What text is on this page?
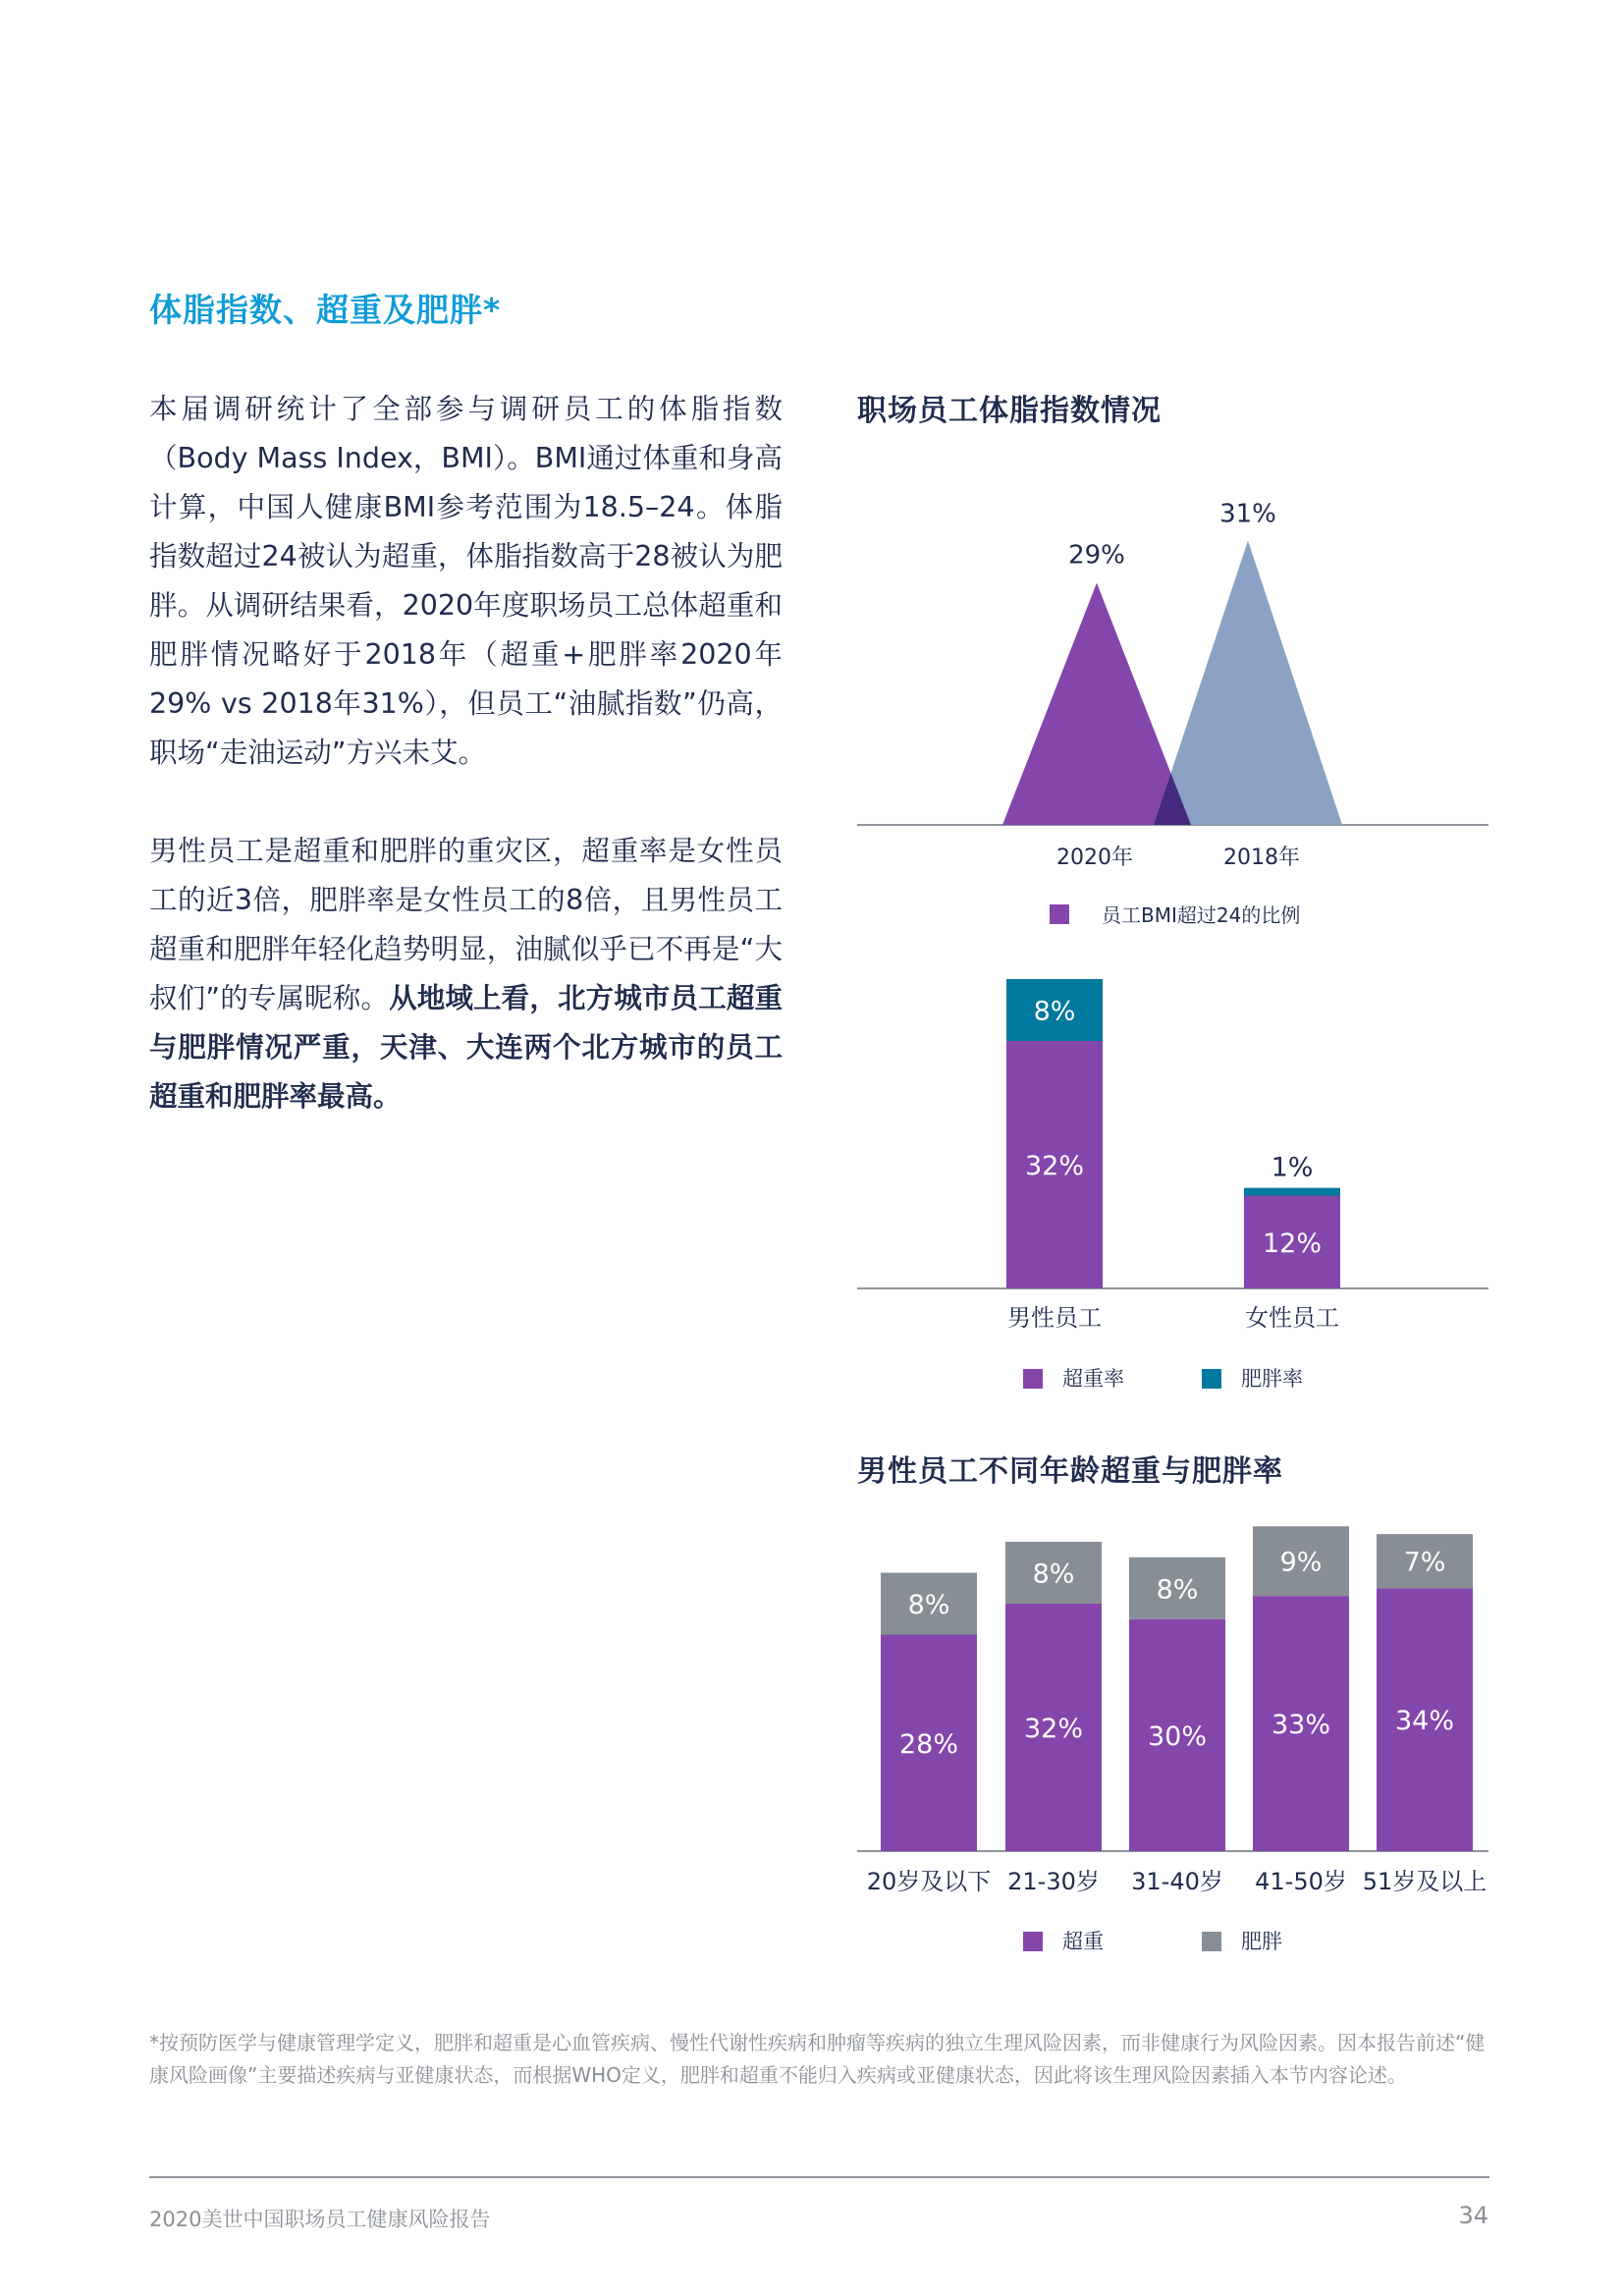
体脂指数、超重及肥胖*
本届调研统计了全部参与调研员工的体脂指数（Body Mass Index，BMI）。BMI通过体重和身高计算，中国人健康BMI参考范围为18.5–24。体脂指数超过24被认为超重，体脂指数高于28被认为肥胖。从调研结果看，2020年度职场员工总体超重和肥胖情况略好于2018年（超重+肥胖率2020年29% vs 2018年31%），但员工“油腻指数”仍高，职场“走油运动”方兴未艾。
男性员工是超重和肥胖的重灾区，超重率是女性员工的近3倍，肥胖率是女性员工的8倍，且男性员工超重和肥胖年轻化趋势明显，油腻似乎已不再是“大叔们”的专属昵称。从地域上看，北方城市员工超重与肥胖情况严重，天津、大连两个北方城市的员工超重和肥胖率最高。
职场员工体脂指数情况
男性员工不同年龄超重与肥胖率
29%
31%
2020年	2018年
员工BMI超过24的比例
32%
8%
男性员工
12%
1%
女性员工
超重率	肥胖率
28%
8%
20岁及以下
32%
8%
21-30岁
30%
8%
31-40岁
33%
9%
41-50岁
34%
7%
51岁及以上
超重	肥胖
*按预防医学与健康管理学定义，肥胖和超重是心血管疾病、慢性代谢性疾病和肿瘤等疾病的独立生理风险因素，而非健康行为风险因素。因本报告前述“健康风险画像”主要描述疾病与亚健康状态，而根据WHO定义，肥胖和超重不能归入疾病或亚健康状态，因此将该生理风险因素插入本节内容论述。
2020美世中国职场员工健康风险报告	34
